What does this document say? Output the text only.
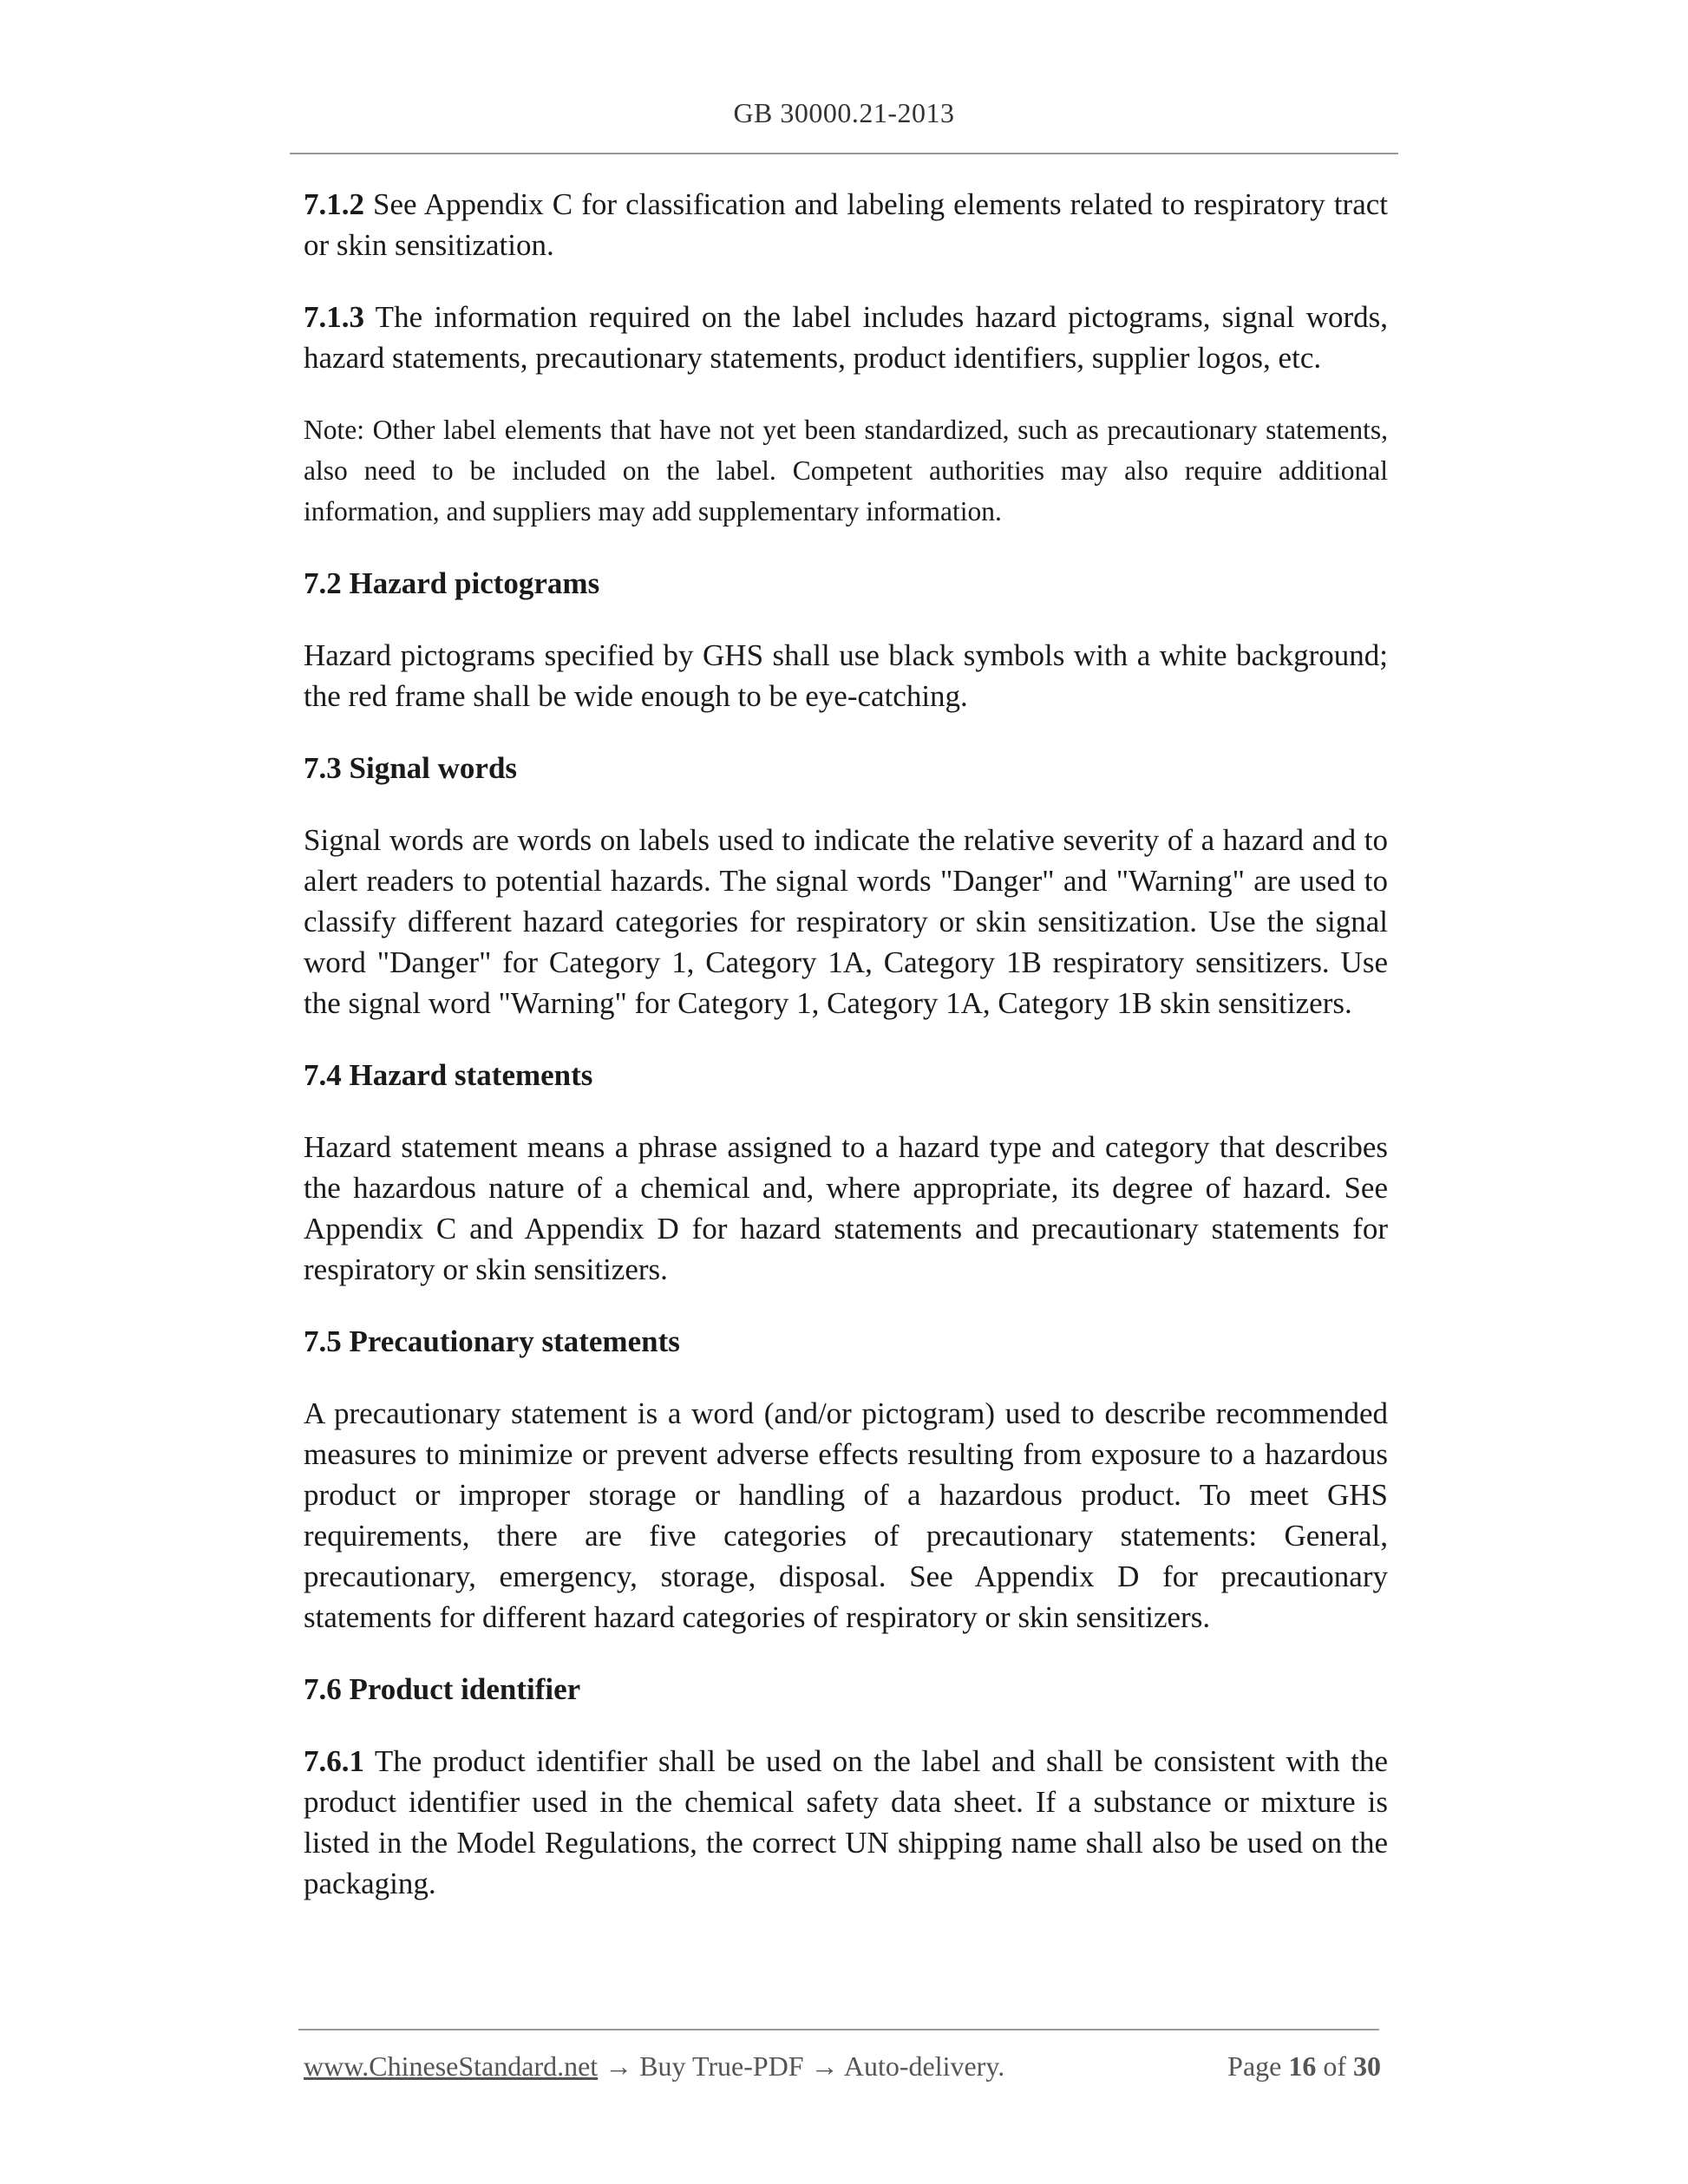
GB 30000.21-2013

7.1.2 See Appendix C for classification and labeling elements related to respiratory tract or skin sensitization.

7.1.3 The information required on the label includes hazard pictograms, signal words, hazard statements, precautionary statements, product identifiers, supplier logos, etc.

Note: Other label elements that have not yet been standardized, such as precautionary statements, also need to be included on the label. Competent authorities may also require additional information, and suppliers may add supplementary information.

7.2 Hazard pictograms

Hazard pictograms specified by GHS shall use black symbols with a white background; the red frame shall be wide enough to be eye-catching.

7.3 Signal words

Signal words are words on labels used to indicate the relative severity of a hazard and to alert readers to potential hazards. The signal words "Danger" and "Warning" are used to classify different hazard categories for respiratory or skin sensitization. Use the signal word "Danger" for Category 1, Category 1A, Category 1B respiratory sensitizers. Use the signal word "Warning" for Category 1, Category 1A, Category 1B skin sensitizers.

7.4 Hazard statements

Hazard statement means a phrase assigned to a hazard type and category that describes the hazardous nature of a chemical and, where appropriate, its degree of hazard. See Appendix C and Appendix D for hazard statements and precautionary statements for respiratory or skin sensitizers.

7.5 Precautionary statements

A precautionary statement is a word (and/or pictogram) used to describe recommended measures to minimize or prevent adverse effects resulting from exposure to a hazardous product or improper storage or handling of a hazardous product. To meet GHS requirements, there are five categories of precautionary statements: General, precautionary, emergency, storage, disposal. See Appendix D for precautionary statements for different hazard categories of respiratory or skin sensitizers.

7.6 Product identifier

7.6.1 The product identifier shall be used on the label and shall be consistent with the product identifier used in the chemical safety data sheet. If a substance or mixture is listed in the Model Regulations, the correct UN shipping name shall also be used on the packaging.

www.ChineseStandard.net → Buy True-PDF → Auto-delivery.	Page 16 of 30
